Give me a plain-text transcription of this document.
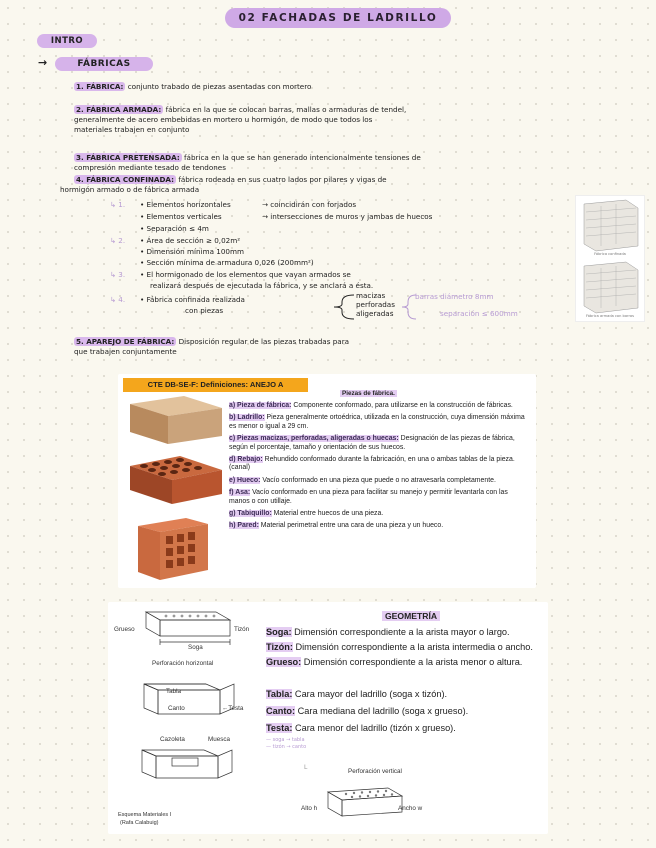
02 FACHADAS DE LADRILLO
INTRO
→	FÁBRICAS
1. FÁBRICA: conjunto trabado de piezas asentadas con mortero
2. FÁBRICA ARMADA: fábrica en la que se colocan barras, mallas o armaduras de tendel,
generalmente de acero embebidas en mortero u hormigón, de modo que todos los
materiales trabajen en conjunto
3. FÁBRICA PRETENSADA: fábrica en la que se han generado intencionalmente tensiones de
compresión mediante tesado de tendones
4. FÁBRICA CONFINADA: fábrica rodeada en sus cuatro lados por pilares y vigas de
hormigón armado o de fábrica armada
↳ 1. • Elementos horizontales	→ coincidirán con forjados
• Elementos verticales	→ intersecciones de muros y jambas de huecos
• Separación ≤ 4m
↳ 2. • Área de sección ≥ 0,02m²
• Dimensión mínima 100mm
• Sección mínima de armadura 0,026 (200mm²)
↳ 3. • El hormigonado de los elementos que vayan armados se
realizará después de ejecutada la fábrica, y se anclará a ésta.
↳ 4. • Fábrica confinada realizada
con piezas
macizas
perforadas
aligeradas
barras diámetro 8mm
separación ≤ 600mm
Fábrica confinada
Fábrica armada con barras
5. APAREJO DE FÁBRICA: Disposición regular de las piezas trabadas para
que trabajen conjuntamente
CTE DB-SE-F: Definiciones: ANEJO A
Piezas de fábrica.

a) Pieza de fábrica: Componente conformado, para utilizarse en la construcción de fábricas.

b) Ladrillo: Pieza generalmente ortoédrica, utilizada en la construcción, cuya dimensión máxima es menor o igual a 29 cm.

c) Piezas macizas, perforadas, aligeradas o huecas: Designación de las piezas de fábrica, según el porcentaje, tamaño y orientación de sus huecos.

d) Rebajo: Rehundido conformado durante la fabricación, en una o ambas tablas de la pieza. (canal)

e) Hueco: Vacío conformado en una pieza que puede o no atravesarla completamente.

f) Asa: Vacío conformado en una pieza para facilitar su manejo y permitir levantarla con las manos o con utillaje.

g) Tabiquillo: Material entre huecos de una pieza.

h) Pared: Material perimetral entre una cara de una pieza y un hueco.

Grueso	Tizón
Soga
Perforación horizontal
Tabla
Canto	←Testa
Cazoleta	Muesca
Esquema Materiales I
(Rafa Calabuig)
Perforación vertical
Alto h	Ancho w
GEOMETRÍA

Soga: Dimensión correspondiente a la arista mayor o largo.

Tizón: Dimensión correspondiente a la arista intermedia o ancho.

Grueso: Dimensión correspondiente a la arista menor o altura.

Tabla: Cara mayor del ladrillo (soga x tizón).

Canto: Cara mediana del ladrillo (soga x grueso).

Testa: Cara menor del ladrillo (tizón x grueso).

— soga → tabla
— tizón → canto
L
